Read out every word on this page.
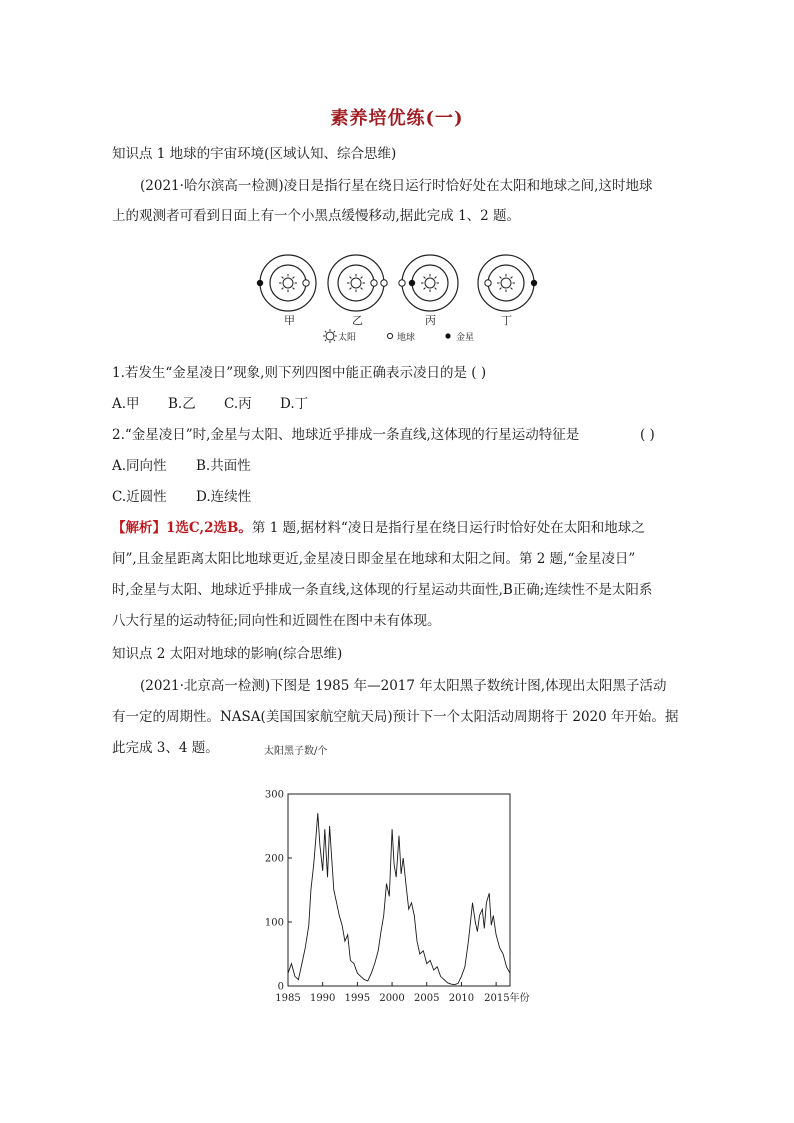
素养培优练(一)
知识点 1 地球的宇宙环境(区域认知、综合思维)
(2021·哈尔滨高一检测)凌日是指行星在绕日运行时恰好处在太阳和地球之间,这时地球
上的观测者可看到日面上有一个小黑点缓慢移动,据此完成 1、2 题。
甲	乙	丙	丁
太阳	地球	金星
1.若发生“金星凌日”现象,则下列四图中能正确表示凌日的是 ( )
A.甲 B.乙 C.丙 D.丁
2.“金星凌日”时,金星与太阳、地球近乎排成一条直线,这体现的行星运动特征是	( )
A.同向性 B.共面性
C.近圆性 D.连续性
【解析】1选C,2选B。第 1 题,据材料“凌日是指行星在绕日运行时恰好处在太阳和地球之
间”,且金星距离太阳比地球更近,金星凌日即金星在地球和太阳之间。第 2 题,“金星凌日”
时,金星与太阳、地球近乎排成一条直线,这体现的行星运动共面性,B正确;连续性不是太阳系
八大行星的运动特征;同向性和近圆性在图中未有体现。
知识点 2 太阳对地球的影响(综合思维)
(2021·北京高一检测)下图是 1985 年—2017 年太阳黑子数统计图,体现出太阳黑子活动
有一定的周期性。NASA(美国国家航空航天局)预计下一个太阳活动周期将于 2020 年开始。据
此完成 3、4 题。	太阳黑子数/个
0
100
200
300
1985 1990 1995 2000 2005 2010 2015年份
